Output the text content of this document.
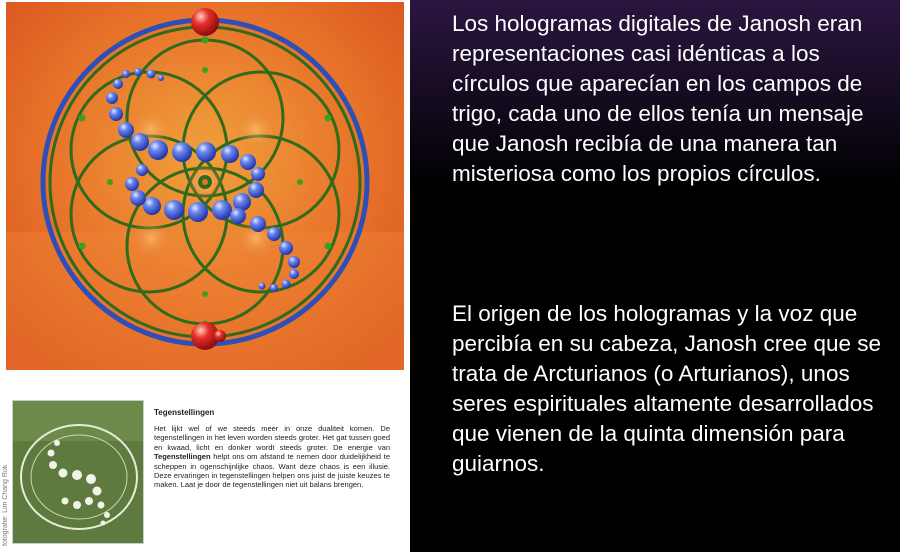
fotografie: Lim Chang Rok
Tegenstellingen
Het lijkt wel of we steeds meer in onze dualiteit komen. De tegenstellingen in het leven worden steeds groter. Het gat tussen goed en kwaad, licht en donker wordt steeds groter. De energie van Tegenstellingen helpt ons om afstand te nemen door duidelijkheid te scheppen in ogenschijnlijke chaos. Want deze chaos is een illusie. Deze ervaringen in tegenstellingen helpen ons juist de juiste keuzes te maken. Laat je door de tegenstellingen niet uit balans brengen.

Los hologramas digitales de Janosh eran representaciones casi idénticas a los círculos que aparecían en los campos de trigo, cada uno de ellos tenía un mensaje que Janosh recibía de una manera tan misteriosa como los propios círculos.

El origen de los hologramas y la voz que percibía en su cabeza, Janosh cree que se trata de Arcturianos (o Arturianos), unos seres espirituales altamente desarrollados que vienen de la quinta dimensión para guiarnos.
